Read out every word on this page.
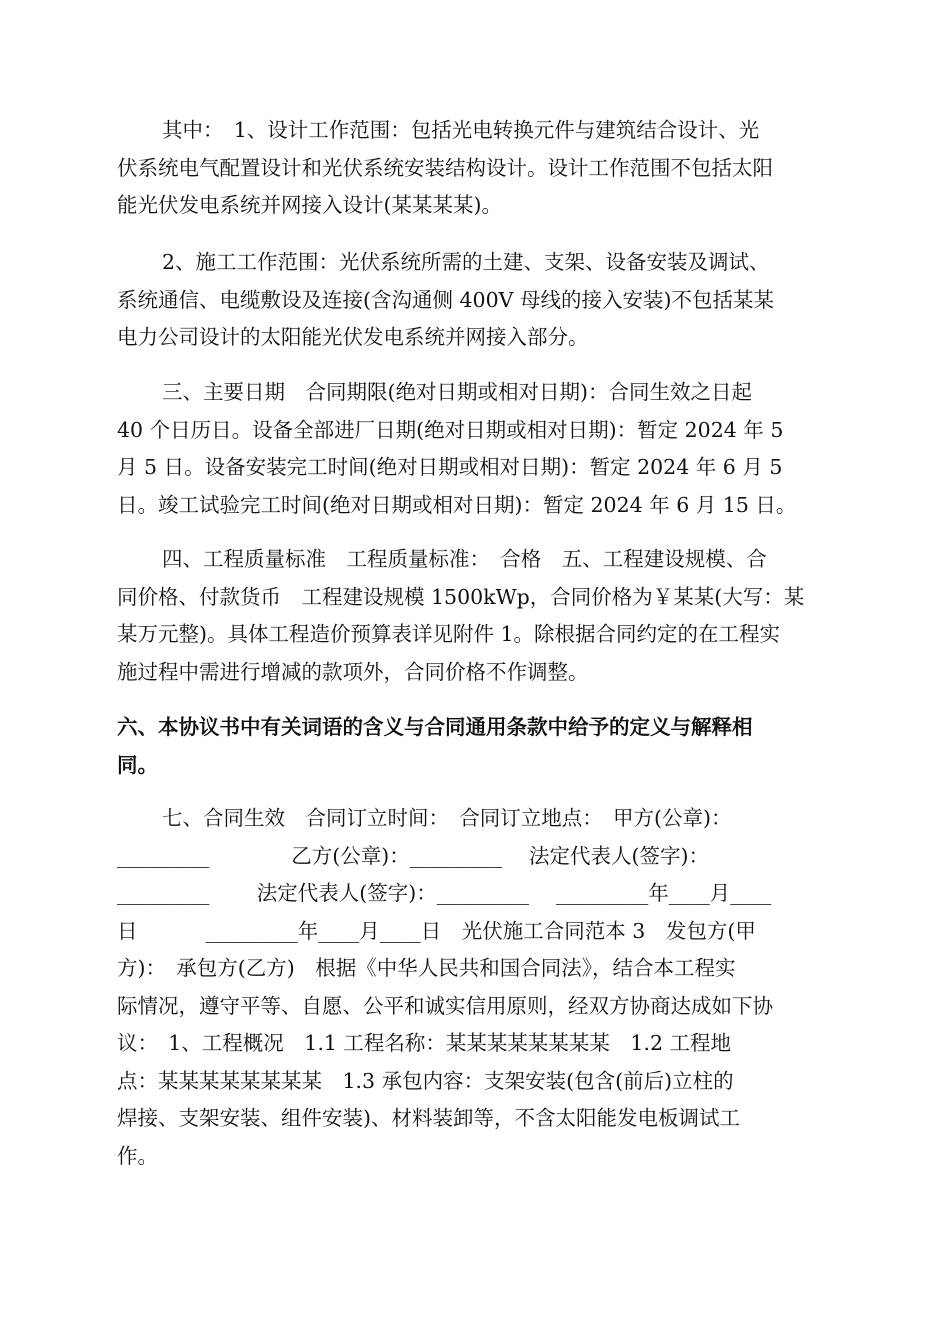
其中：　1、设计工作范围：包括光电转换元件与建筑结合设计、光
伏系统电气配置设计和光伏系统安装结构设计。设计工作范围不包括太阳
能光伏发电系统并网接入设计(某某某某)。
2、施工工作范围：光伏系统所需的土建、支架、设备安装及调试、
系统通信、电缆敷设及连接(含沟通侧 400V 母线的接入安装)不包括某某
电力公司设计的太阳能光伏发电系统并网接入部分。
三、主要日期　合同期限(绝对日期或相对日期)：合同生效之日起
40 个日历日。设备全部进厂日期(绝对日期或相对日期)：暂定 2024 年 5
月 5 日。设备安装完工时间(绝对日期或相对日期)：暂定 2024 年 6 月 5
日。竣工试验完工时间(绝对日期或相对日期)：暂定 2024 年 6 月 15 日。
四、工程质量标准　工程质量标准：　合格　五、工程建设规模、合
同价格、付款货币　工程建设规模 1500kWp，合同价格为￥某某(大写：某
某万元整)。具体工程造价预算表详见附件 1。除根据合同约定的在工程实
施过程中需进行增减的款项外，合同价格不作调整。
六、本协议书中有关词语的含义与合同通用条款中给予的定义与解释相
同。
七、合同生效　合同订立时间：　合同订立地点：　甲方(公章)：
_________　　　　乙方(公章)：_________　 法定代表人(签字)：
_________　　 法定代表人(签字)：_________　 _________年____月____
日　　　 _________年____月____日　光伏施工合同范本 3　发包方(甲
方)：　承包方(乙方)　根据《中华人民共和国合同法》，结合本工程实
际情况，遵守平等、自愿、公平和诚实信用原则，经双方协商达成如下协
议：　1、工程概况　1.1 工程名称：某某某某某某某某　1.2 工程地
点：某某某某某某某某　1.3 承包内容：支架安装(包含(前后)立柱的
焊接、支架安装、组件安装)、材料装卸等，不含太阳能发电板调试工
作。
